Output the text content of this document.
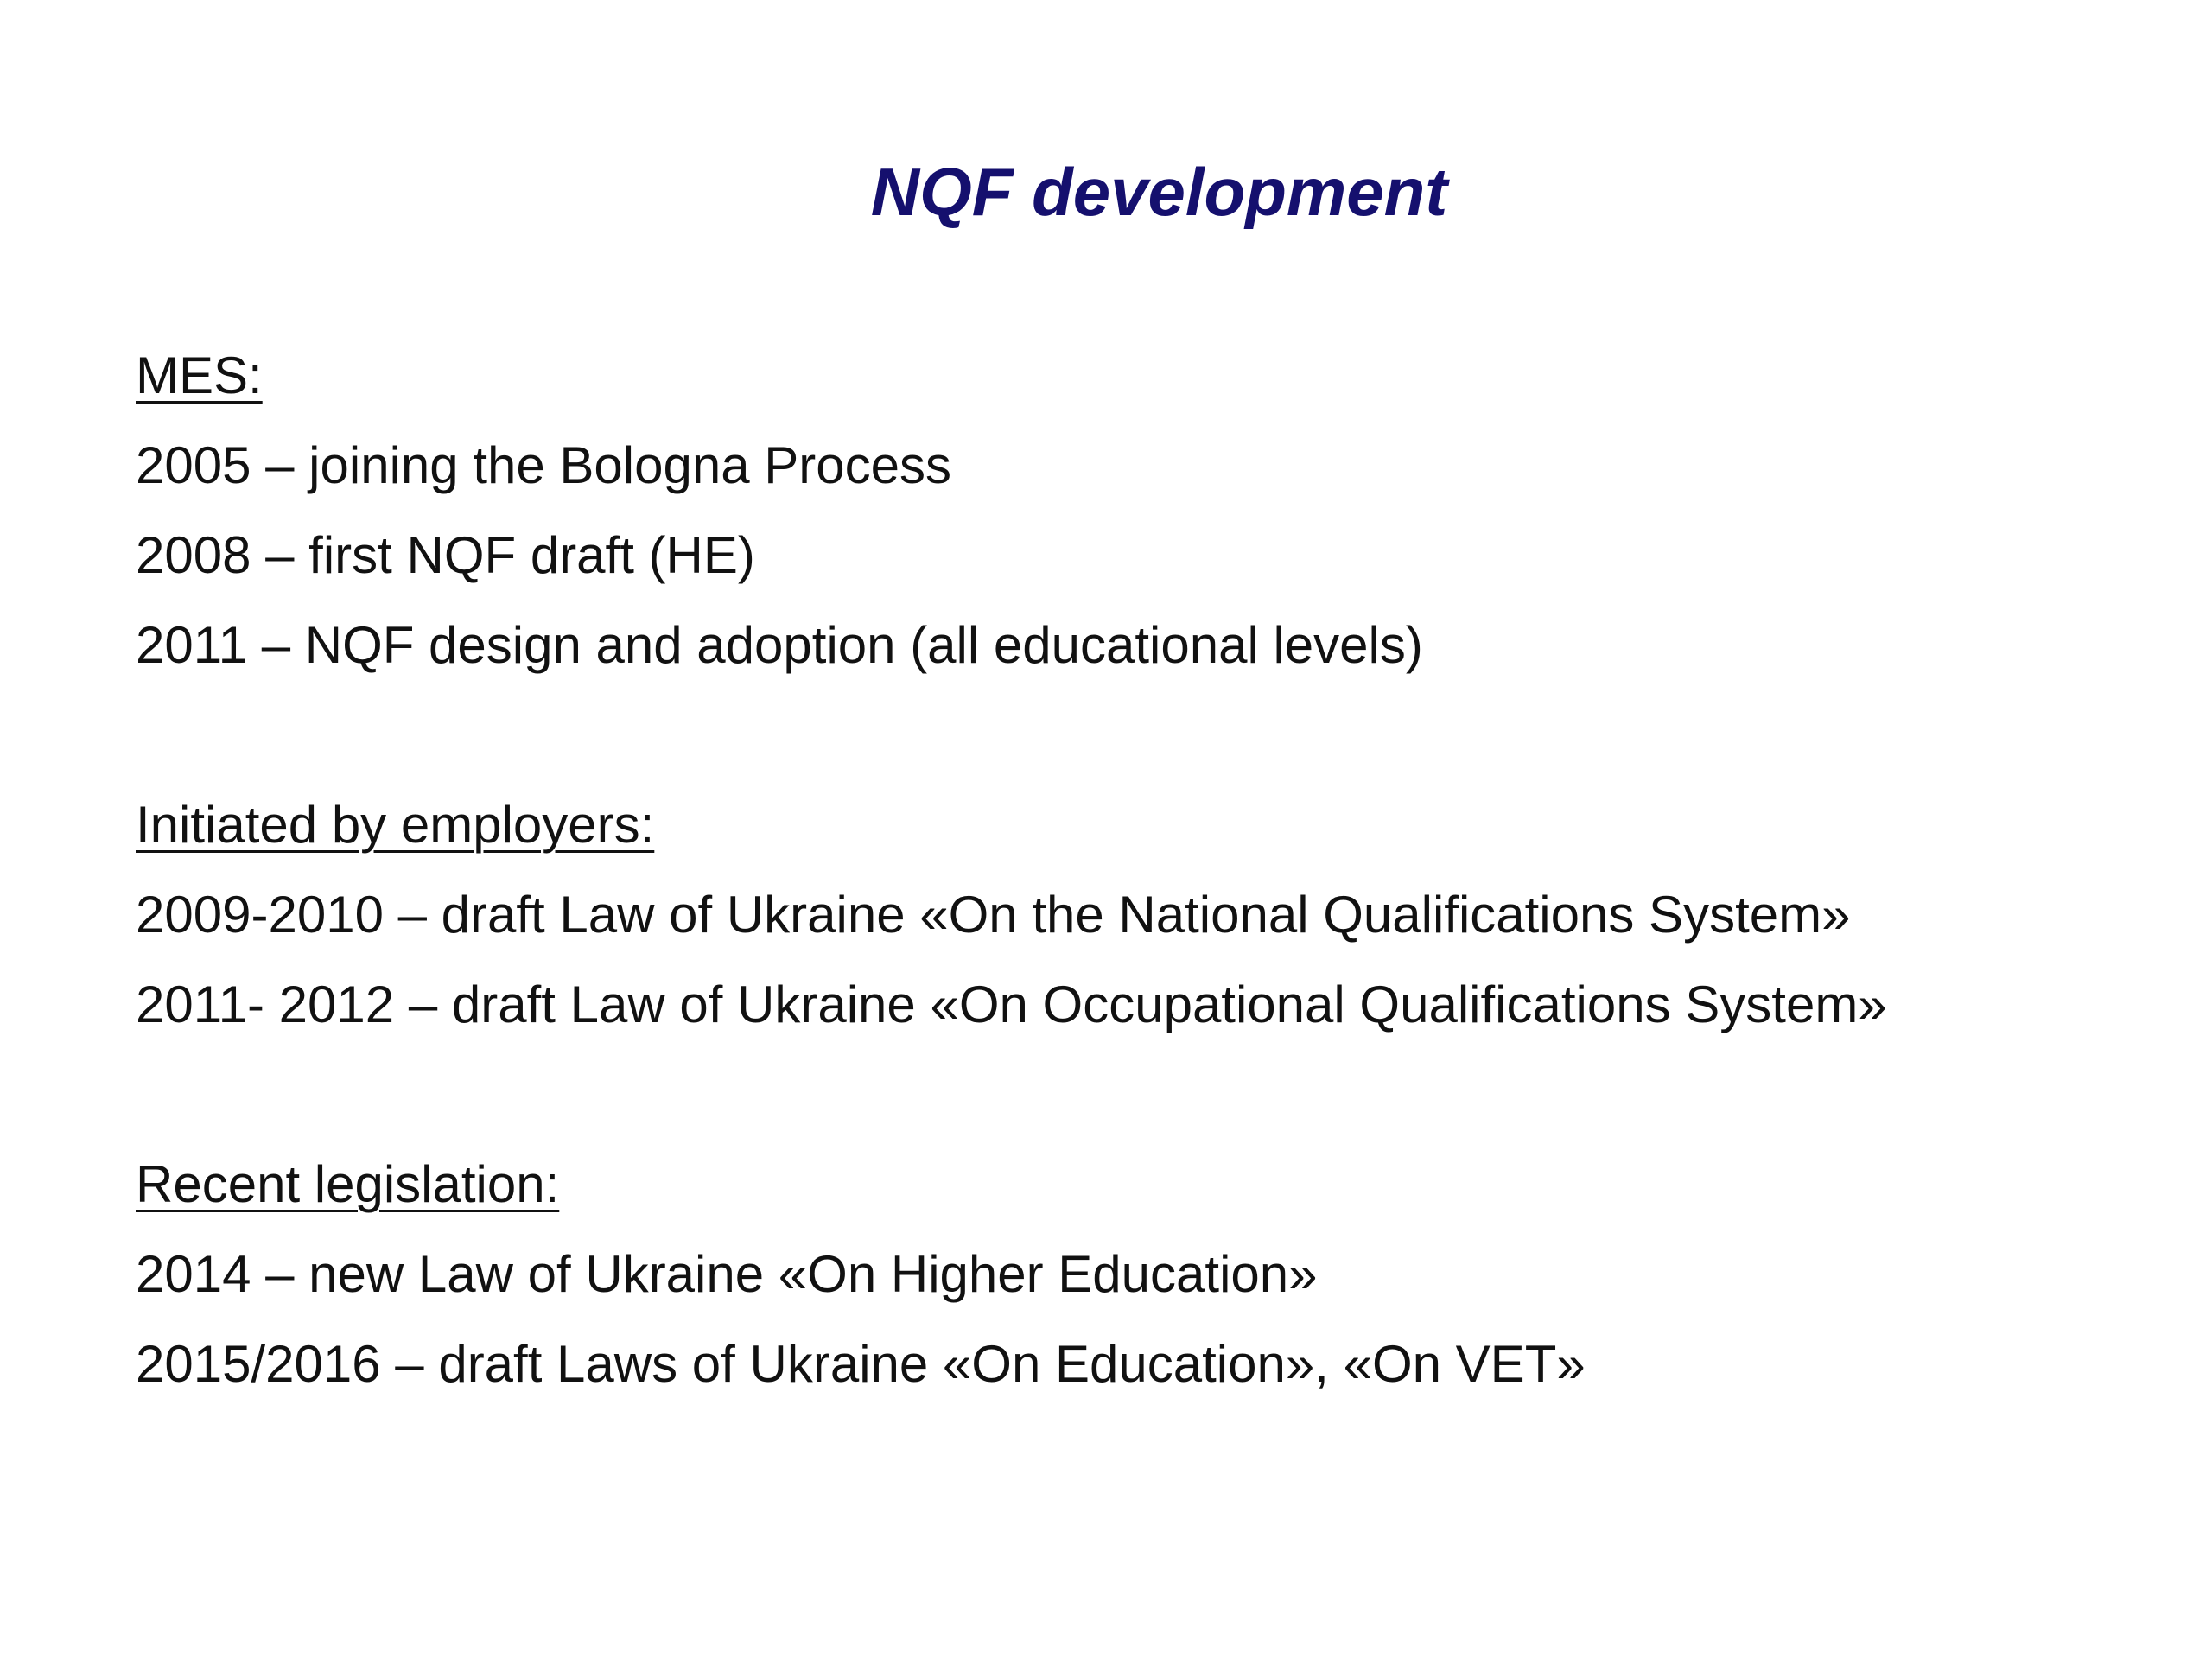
NQF development
MES:
2005 – joining the Bologna Process
2008 – first NQF draft (HE)
2011 – NQF design and adoption (all educational levels)
Initiated by employers:
2009-2010 – draft Law of Ukraine «On the National Qualifications System»
2011- 2012 – draft Law of Ukraine «On Occupational Qualifications System»
Recent legislation:
2014 – new Law of Ukraine «On Higher Education»
2015/2016 – draft Laws of Ukraine «On Education», «On VET»
